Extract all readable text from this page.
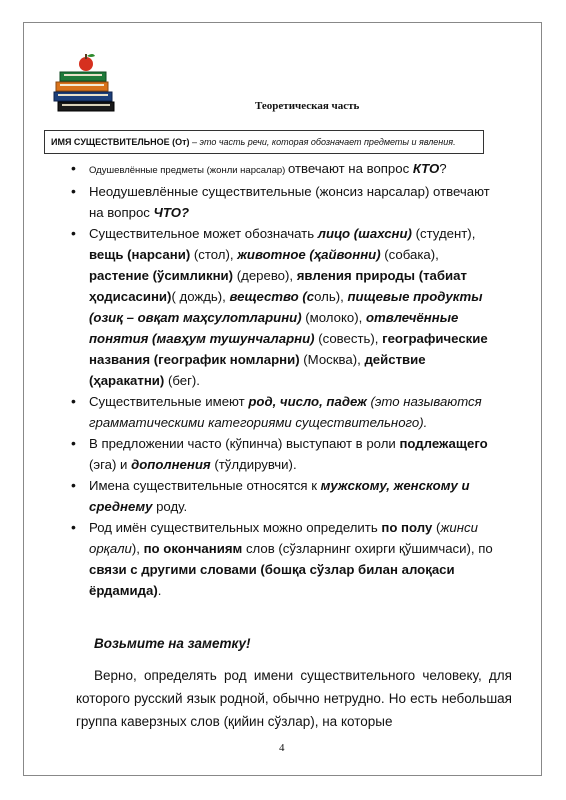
Теоретическая часть
ИМЯ СУЩЕСТВИТЕЛЬНОЕ (От) – это часть речи, которая обозначает предметы и явления.
• Одушевлённые предметы (жонли нарсалар) отвечают на вопрос КТО?
• Неодушевлённые существительные (жонсиз нарсалар) отвечают на вопрос ЧТО?
• Существительное может обозначать лицо (шахсни) (студент), вещь (нарсани) (стол), животное (ҳайвонни) (собака), растение (ўсимликни) (дерево), явления природы (табиат ҳодисасини)( дождь), вещество (соль), пищевые продукты (озиқ – овқат маҳсулотларини) (молоко), отвлечённые понятия (мавҳум тушунчаларни) (совесть), географические названия (географик номларни) (Москва), действие (ҳаракатни) (бег).
• Существительные имеют род, число, падеж (это называются грамматическими категориями существительного).
• В предложении часто (кўпинча) выступают в роли подлежащего (эга) и дополнения (тўлдирувчи).
• Имена существительные относятся к мужскому, женскому и среднему роду.
• Род имён существительных можно определить по полу (жинси орқали), по окончаниям слов (сўзларнинг охирги қўшимчаси), по связи с другими словами (бошқа сўзлар билан алоқаси ёрдамида).
Возьмите на заметку!
Верно, определять род имени существительного человеку, для которого русский язык родной, обычно нетрудно. Но есть небольшая группа каверзных слов (қийин сўзлар), на которые
4
